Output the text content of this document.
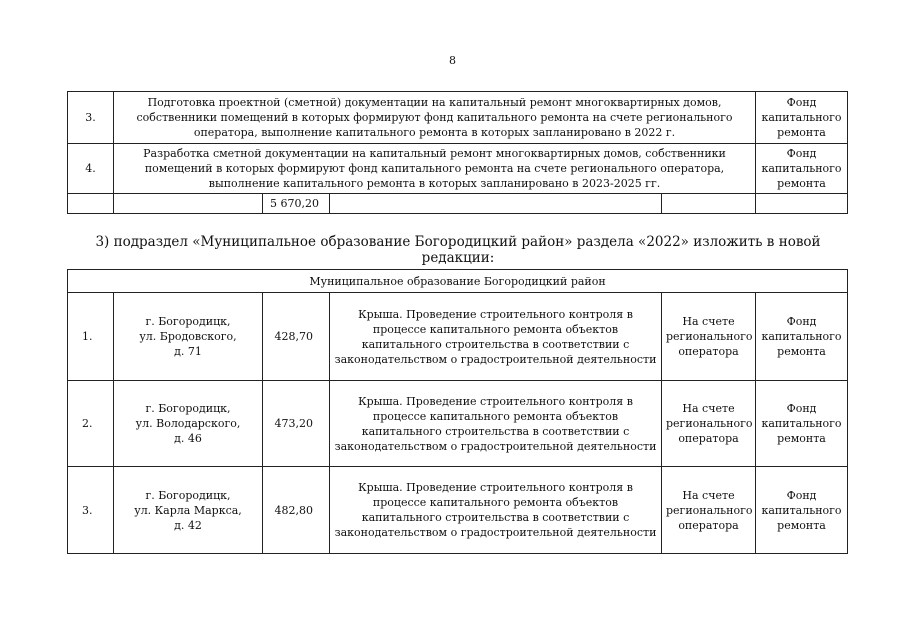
8
3.	Подготовка проектной (сметной) документации на капитальный ремонт многоквартирных домов, собственники помещений в которых формируют фонд капитального ремонта на счете регионального оператора, выполнение капитального ремонта в которых запланировано в 2022 г.				Фонд капитального ремонта
4.	Разработка сметной документации на капитальный ремонт многоквартирных домов, собственники помещений в которых формируют фонд капитального ремонта на счете регионального оператора, выполнение капитального ремонта в которых запланировано в 2023-2025 гг.				Фонд капитального ремонта
		5 670,20			
3) подраздел «Муниципальное образование Богородицкий район» раздела «2022» изложить в новой редакции:
Муниципальное образование Богородицкий район					
1.	г. Богородицк,
ул. Бродовского,
д. 71	428,70	Крыша. Проведение строительного контроля в процессе капитального ремонта объектов капитального строительства в соответствии с законодательством о градостроительной деятельности	На счете регионального оператора	Фонд капитального ремонта
2.	г. Богородицк,
ул. Володарского,
д. 46	473,20	Крыша. Проведение строительного контроля в процессе капитального ремонта объектов капитального строительства в соответствии с законодательством о градостроительной деятельности	На счете регионального оператора	Фонд капитального ремонта
3.	г. Богородицк,
ул. Карла Маркса,
д. 42	482,80	Крыша. Проведение строительного контроля в процессе капитального ремонта объектов капитального строительства в соответствии с законодательством о градостроительной деятельности	На счете регионального оператора	Фонд капитального ремонта
